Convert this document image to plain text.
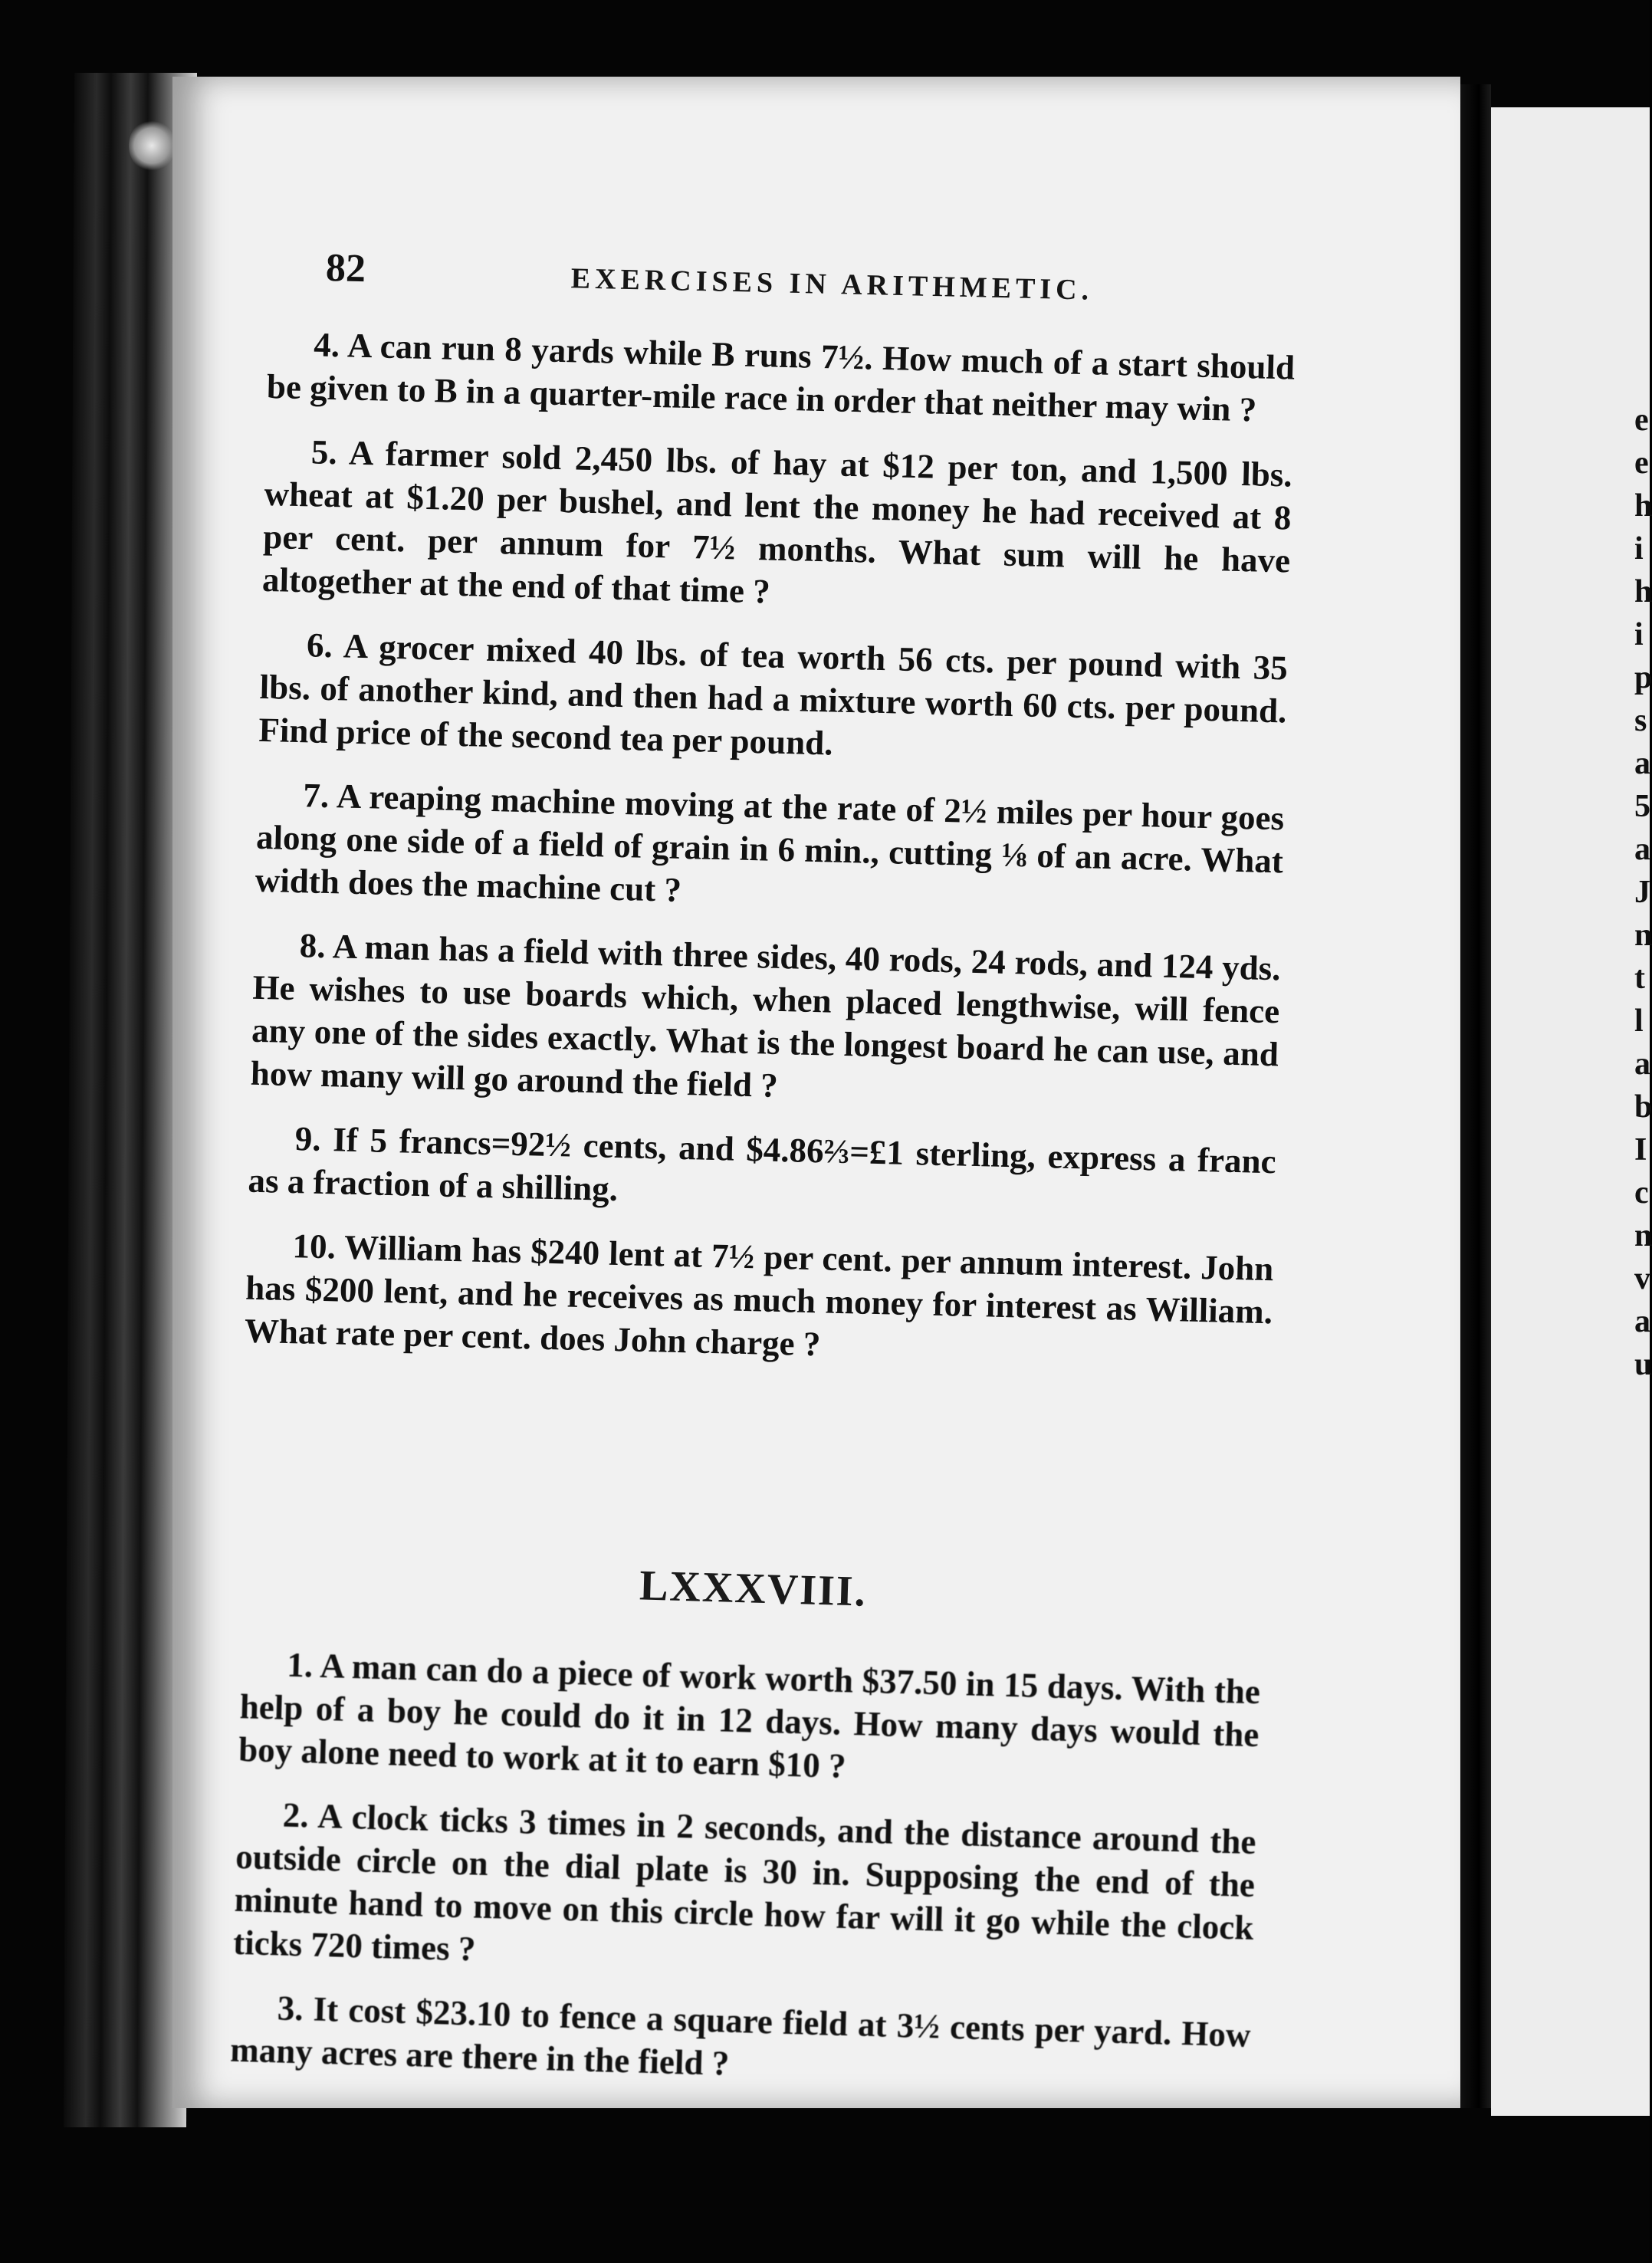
82	EXERCISES IN ARITHMETIC.

4. A can run 8 yards while B runs 7½. How much of a start should be given to B in a quarter-mile race in order that neither may win ?

5. A farmer sold 2,450 lbs. of hay at $12 per ton, and 1,500 lbs. wheat at $1.20 per bushel, and lent the money he had received at 8 per cent. per annum for 7½ months. What sum will he have altogether at the end of that time ?

6. A grocer mixed 40 lbs. of tea worth 56 cts. per pound with 35 lbs. of another kind, and then had a mixture worth 60 cts. per pound. Find price of the second tea per pound.

7. A reaping machine moving at the rate of 2½ miles per hour goes along one side of a field of grain in 6 min., cutting ⅛ of an acre. What width does the machine cut ?

8. A man has a field with three sides, 40 rods, 24 rods, and 124 yds. He wishes to use boards which, when placed lengthwise, will fence any one of the sides exactly. What is the longest board he can use, and how many will go around the field ?

9. If 5 francs=92½ cents, and $4.86⅔=£1 sterling, express a franc as a fraction of a shilling.

10. William has $240 lent at 7½ per cent. per annum interest. John has $200 lent, and he receives as much money for interest as William. What rate per cent. does John charge ?

LXXXVIII.

1. A man can do a piece of work worth $37.50 in 15 days. With the help of a boy he could do it in 12 days. How many days would the boy alone need to work at it to earn $10 ?

2. A clock ticks 3 times in 2 seconds, and the distance around the outside circle on the dial plate is 30 in. Supposing the end of the minute hand to move on this circle how far will it go while the clock ticks 720 times ?

3. It cost $23.10 to fence a square field at 3½ cents per yard. How many acres are there in the field ?

e
e
h
i
h
i
p
s
a
5
a
J
n
t
l
a
b
I
c
n
v
a
u
